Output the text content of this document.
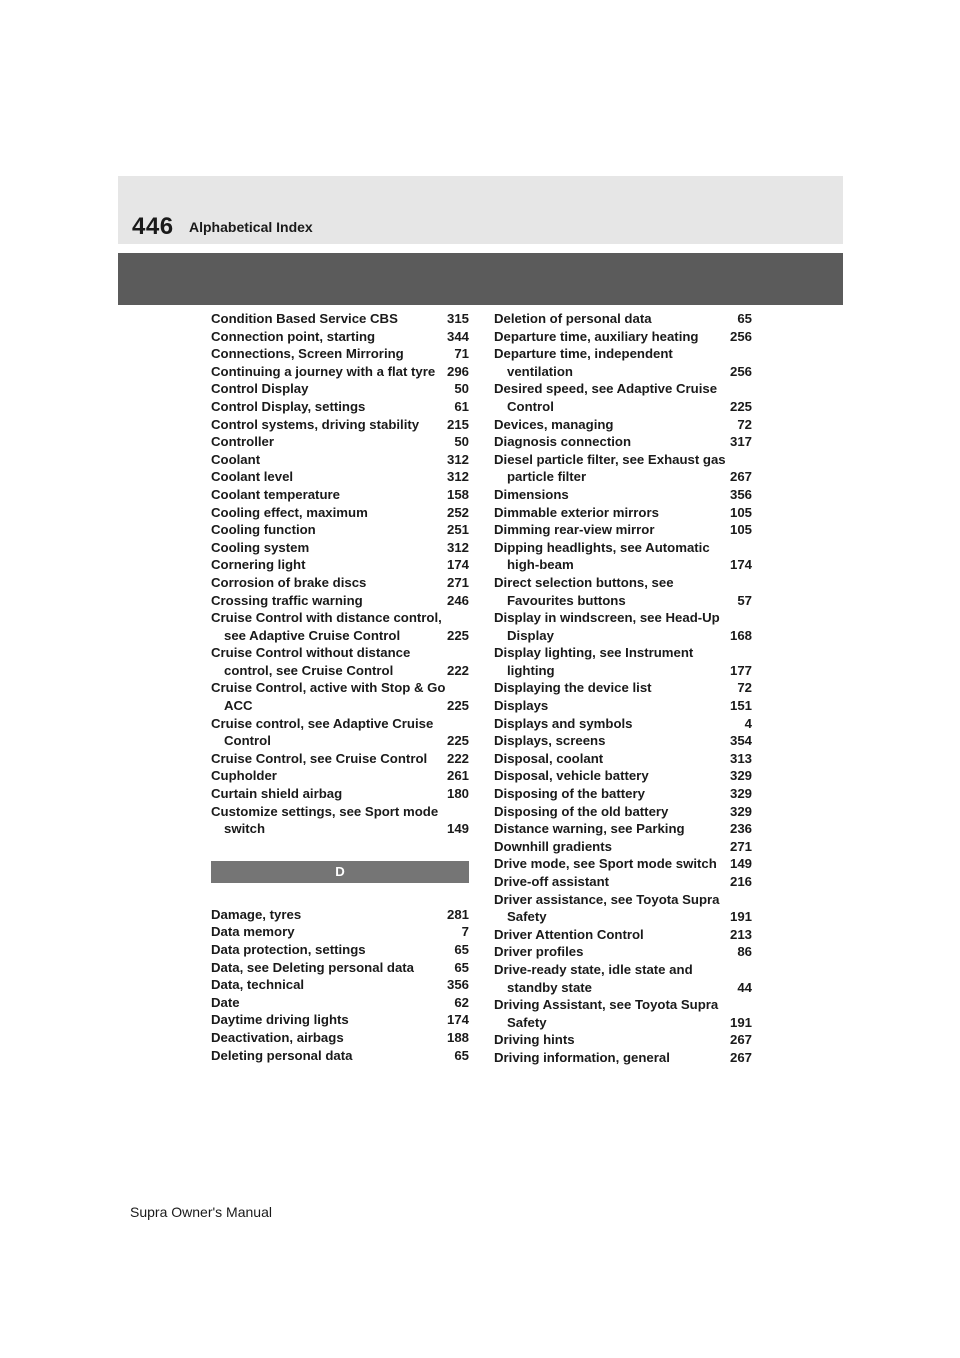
446 Alphabetical Index
Condition Based Service CBS .....	315
Connection point, starting .....	344
Connections, Screen Mirroring .....	71
Continuing a journey with a flat tyre ..... 296
Control Display .....	50
Control Display, settings .....	61
Control systems, driving stability .....	215
Controller .....	50
Coolant .....	312
Coolant level .....	312
Coolant temperature .....	158
Cooling effect, maximum .....	252
Cooling function .....	251
Cooling system .....	312
Cornering light .....	174
Corrosion of brake discs .....	271
Crossing traffic warning .....	246
Cruise Control with distance control, see Adaptive Cruise Control .....	225
Cruise Control without distance control, see Cruise Control .....	222
Cruise Control, active with Stop & Go ACC .....	225
Cruise control, see Adaptive Cruise Control .....	225
Cruise Control, see Cruise Control .....	222
Cupholder .....	261
Curtain shield airbag .....	180
Customize settings, see Sport mode switch .....	149
D
Damage, tyres .....	281
Data memory .....	7
Data protection, settings .....	65
Data, see Deleting personal data .....	65
Data, technical .....	356
Date .....	62
Daytime driving lights .....	174
Deactivation, airbags .....	188
Deleting personal data .....	65
Deletion of personal data .....	65
Departure time, auxiliary heating .....	256
Departure time, independent ventilation .....	256
Desired speed, see Adaptive Cruise Control .....	225
Devices, managing .....	72
Diagnosis connection .....	317
Diesel particle filter, see Exhaust gas particle filter .....	267
Dimensions .....	356
Dimmable exterior mirrors .....	105
Dimming rear-view mirror .....	105
Dipping headlights, see Automatic high-beam .....	174
Direct selection buttons, see Favourites buttons .....	57
Display in windscreen, see Head-Up Display .....	168
Display lighting, see Instrument lighting .....	177
Displaying the device list .....	72
Displays .....	151
Displays and symbols .....	4
Displays, screens .....	354
Disposal, coolant .....	313
Disposal, vehicle battery .....	329
Disposing of the battery .....	329
Disposing of the old battery .....	329
Distance warning, see Parking .....	236
Downhill gradients .....	271
Drive mode, see Sport mode switch ..... 149
Drive-off assistant .....	216
Driver assistance, see Toyota Supra Safety .....	191
Driver Attention Control .....	213
Driver profiles .....	86
Drive-ready state, idle state and standby state .....	44
Driving Assistant, see Toyota Supra Safety .....	191
Driving hints .....	267
Driving information, general .....	267
Supra Owner's Manual
